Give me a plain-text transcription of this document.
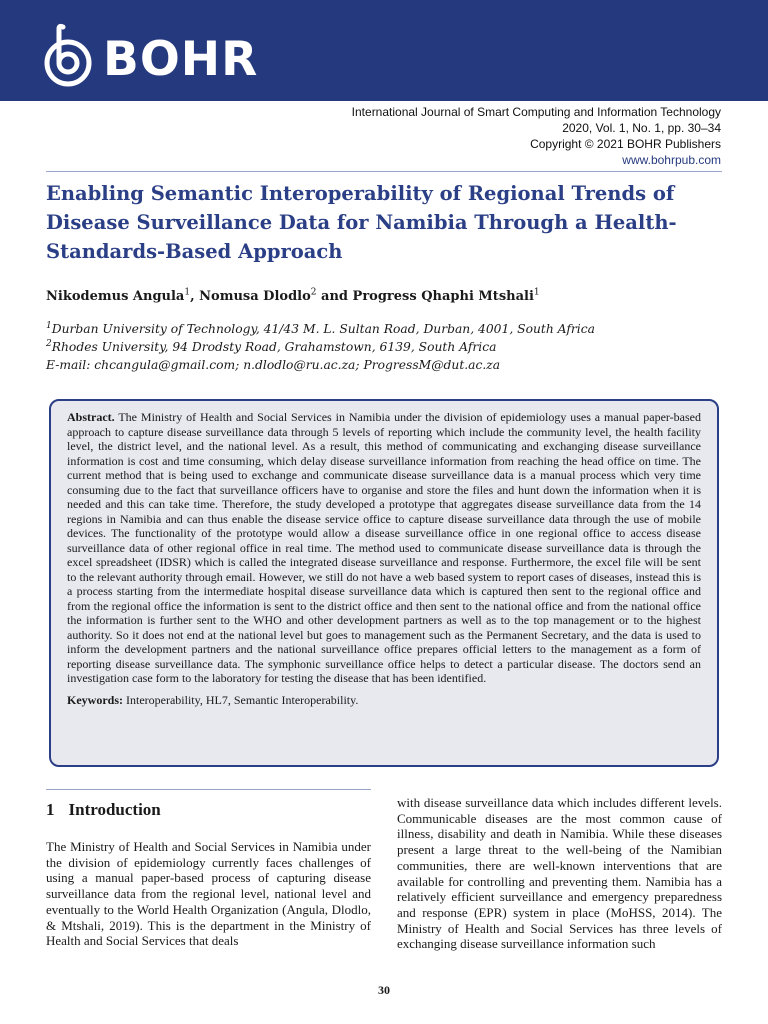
BOHR
International Journal of Smart Computing and Information Technology
2020, Vol. 1, No. 1, pp. 30–34
Copyright © 2021 BOHR Publishers
www.bohrpub.com
Enabling Semantic Interoperability of Regional Trends of Disease Surveillance Data for Namibia Through a Health-Standards-Based Approach
Nikodemus Angula$^1$, Nomusa Dlodlo$^2$ and Progress Qhaphi Mtshali$^1$
$^1$Durban University of Technology, 41/43 M. L. Sultan Road, Durban, 4001, South Africa
$^2$Rhodes University, 94 Drodsty Road, Grahamstown, 6139, South Africa
E-mail: chcangula@gmail.com; n.dlodlo@ru.ac.za; ProgressM@dut.ac.za

Abstract. The Ministry of Health and Social Services in Namibia under the division of epidemiology uses a manual paper-based approach to capture disease surveillance data through 5 levels of reporting which include the community level, the health facility level, the district level, and the national level. As a result, this method of communicating and exchanging disease surveillance information is cost and time consuming, which delay disease surveillance information from reaching the head office on time. The current method that is being used to exchange and communicate disease surveillance data is a manual process which very time consuming due to the fact that surveillance officers have to organise and store the files and hunt down the information when it is needed and this can take time. Therefore, the study developed a prototype that aggregates disease surveillance data from the 14 regions in Namibia and can thus enable the disease service office to capture disease surveillance data through the use of mobile devices. The functionality of the prototype would allow a disease surveillance office in one regional office to access disease surveillance data of other regional office in real time. The method used to communicate disease surveillance data is through the excel spreadsheet (IDSR) which is called the integrated disease surveillance and response. Furthermore, the excel file will be sent to the relevant authority through email. However, we still do not have a web based system to report cases of diseases, instead this is a process starting from the intermediate hospital disease surveillance data which is captured then sent to the regional office and from the regional office the information is sent to the district office and then sent to the national office and from the national office the information is further sent to the WHO and other development partners as well as to the top management or to the highest authority. So it does not end at the national level but goes to management such as the Permanent Secretary, and the data is used to inform the development partners and the national surveillance office prepares official letters to the management as a form of reporting disease surveillance data. The symphonic surveillance office helps to detect a particular disease. The doctors send an investigation case form to the laboratory for testing the disease that has been identified.

Keywords: Interoperability, HL7, Semantic Interoperability.
1 Introduction

The Ministry of Health and Social Services in Namibia under the division of epidemiology currently faces challenges of using a manual paper-based process of capturing disease surveillance data from the regional level, national level and eventually to the World Health Organization (Angula, Dlodlo, & Mtshali, 2019). This is the department in the Ministry of Health and Social Services that deals

with disease surveillance data which includes different levels. Communicable diseases are the most common cause of illness, disability and death in Namibia. While these diseases present a large threat to the well-being of the Namibian communities, there are well-known interventions that are available for controlling and preventing them. Namibia has a relatively efficient surveillance and emergency preparedness and response (EPR) system in place (MoHSS, 2014). The Ministry of Health and Social Services has three levels of exchanging disease surveillance information such

30
